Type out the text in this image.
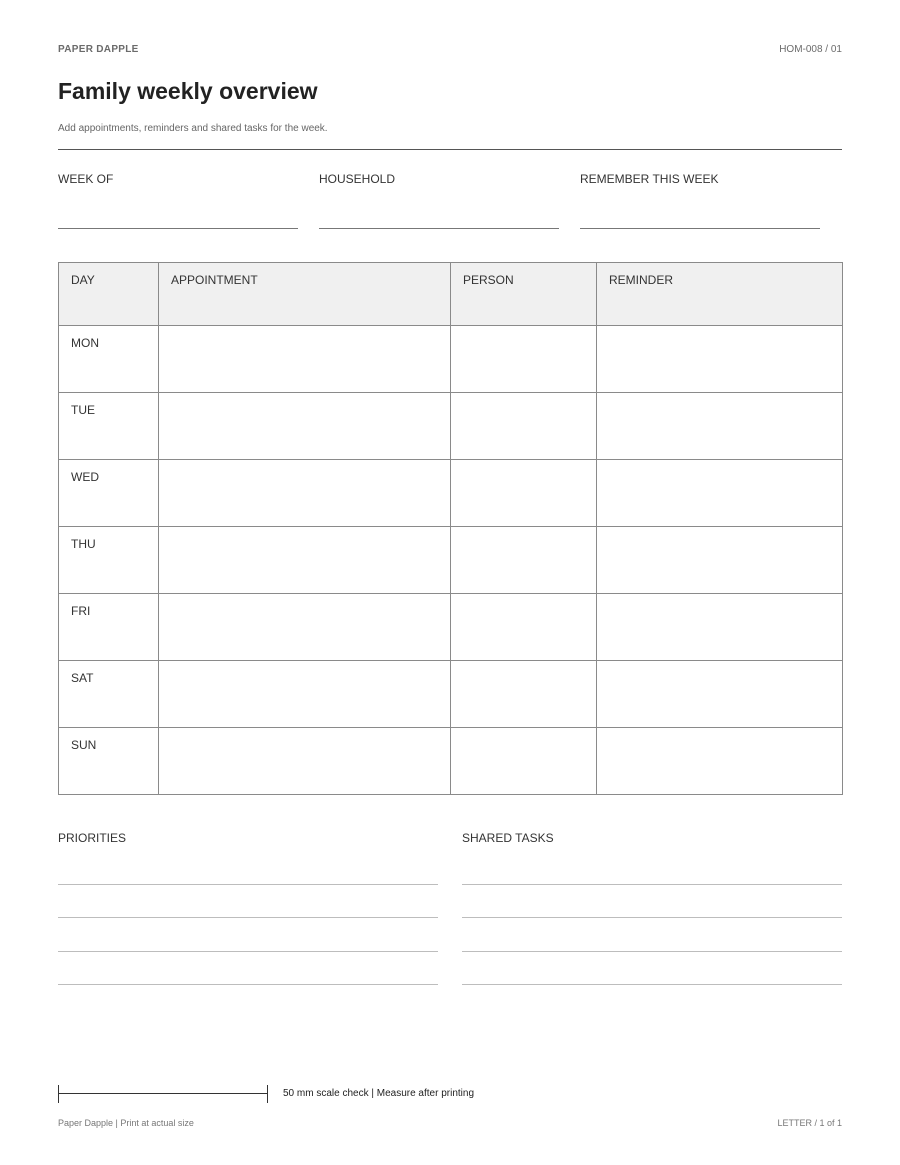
PAPER DAPPLE	HOM-008 / 01
Family weekly overview
Add appointments, reminders and shared tasks for the week.
WEEK OF	HOUSEHOLD	REMEMBER THIS WEEK
DAY	APPOINTMENT	PERSON	REMINDER
MON			
TUE			
WED			
THU			
FRI			
SAT			
SUN			
PRIORITIES	SHARED TASKS
50 mm scale check | Measure after printing
Paper Dapple | Print at actual size	LETTER / 1 of 1
